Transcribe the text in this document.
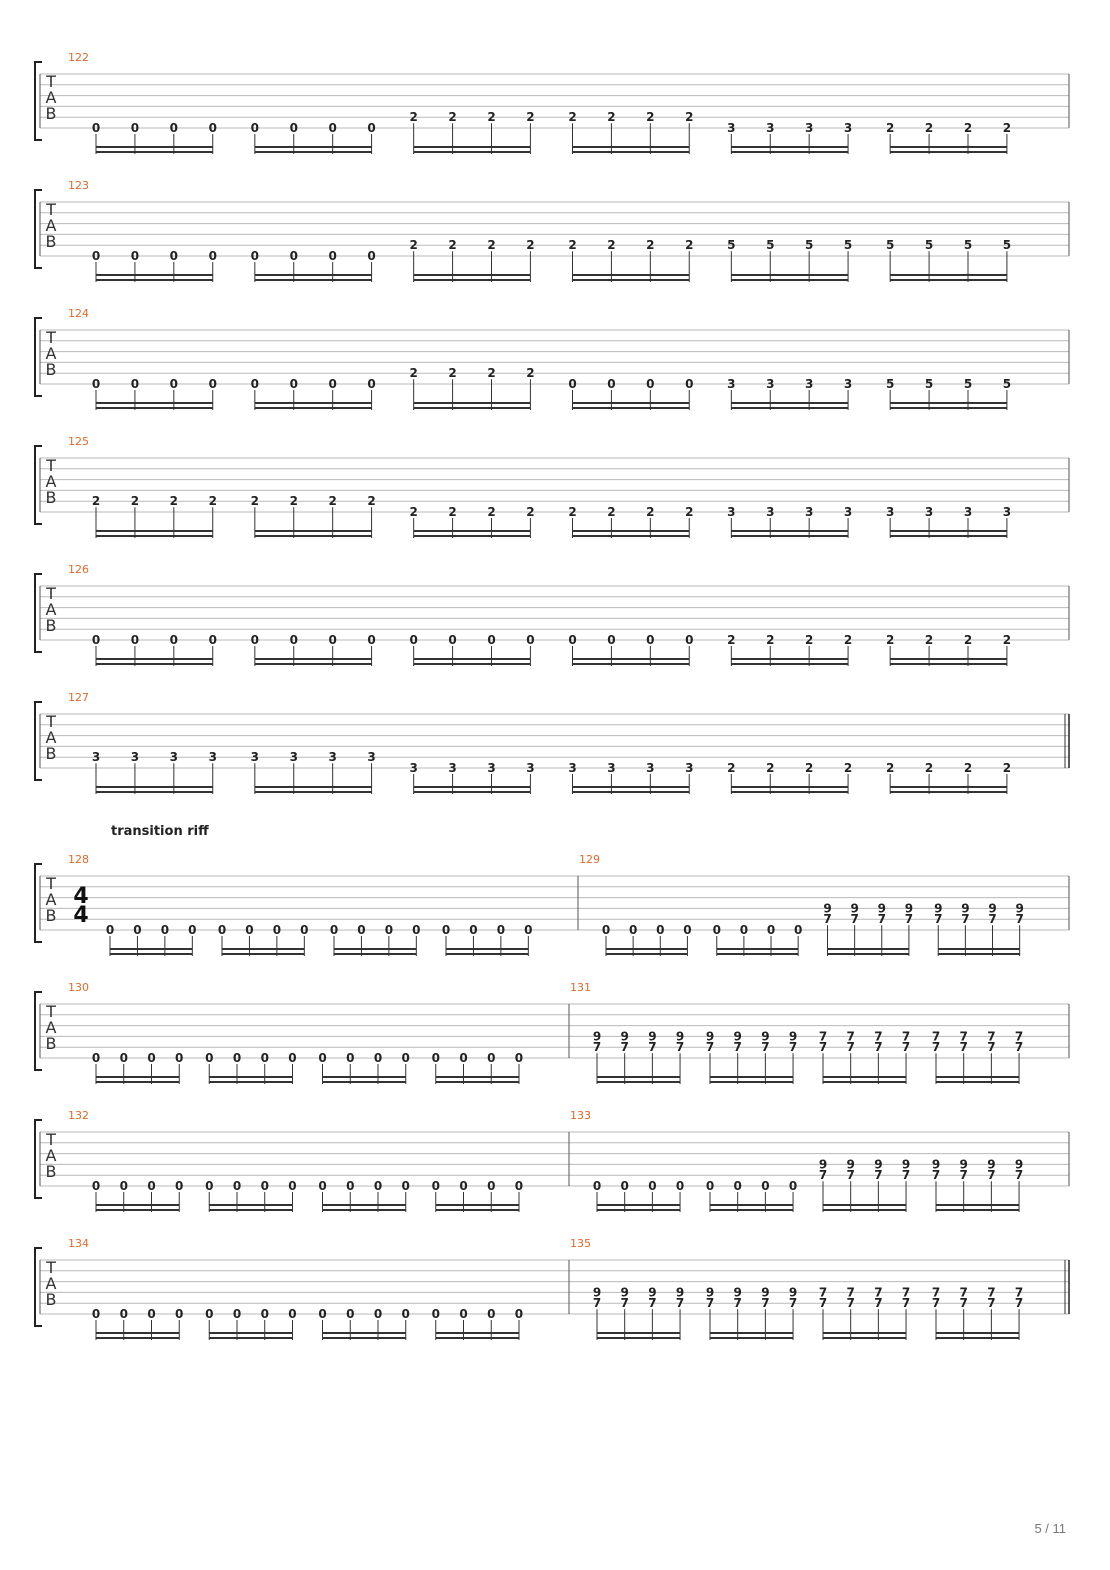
transition riff
T
A
B
122
0	0	0	0	0	0	0	0
2	2	2	2	2	2	2	2
3	3	3	3	2	2	2	2
T
A
B
123
0	0	0	0	0	0	0	0
2	2	2	2	2	2	2	2	5	5	5	5	5	5	5	5
T
A
B
124
0	0	0	0	0	0	0	0
2	2	2	2
0	0	0	0	3	3	3	3	5	5	5	5
T
A
B
125
2	2	2	2	2	2	2	2
2	2	2	2	2	2	2	2	3	3	3	3	3	3	3	3
T
A
B
126
0	0	0	0	0	0	0	0	0	0	0	0	0	0	0	0	2	2	2	2	2	2	2	2
T
A
B
127
3	3	3	3	3	3	3	3
3	3	3	3	3	3	3	3	2	2	2	2	2	2	2	2
T
A
B
4
4
128
0 0 0 0 0 0 0 0 0 0 0 0 0 0 0 0
129
0 0 0 0 0 0 0 0
9
7
9
7
9
7
9
7
9
7
9
7
9
7
9
7
T
A
B
130
0 0 0 0 0 0 0 0 0 0 0 0 0 0 0 0
131
9
7
9
7
9
7
9
7
9
7
9
7
9
7
9
7
7
7
7
7
7
7
7
7
7
7
7
7
7
7
7
7
T
A
B
132
0 0 0 0 0 0 0 0 0 0 0 0 0 0 0 0
133
0 0 0 0 0 0 0 0
9
7
9
7
9
7
9
7
9
7
9
7
9
7
9
7
T
A
B
134
0 0 0 0 0 0 0 0 0 0 0 0 0 0 0 0
135
9
7
9
7
9
7
9
7
9
7
9
7
9
7
9
7
7
7
7
7
7
7
7
7
7
7
7
7
7
7
7
7
5 / 11
